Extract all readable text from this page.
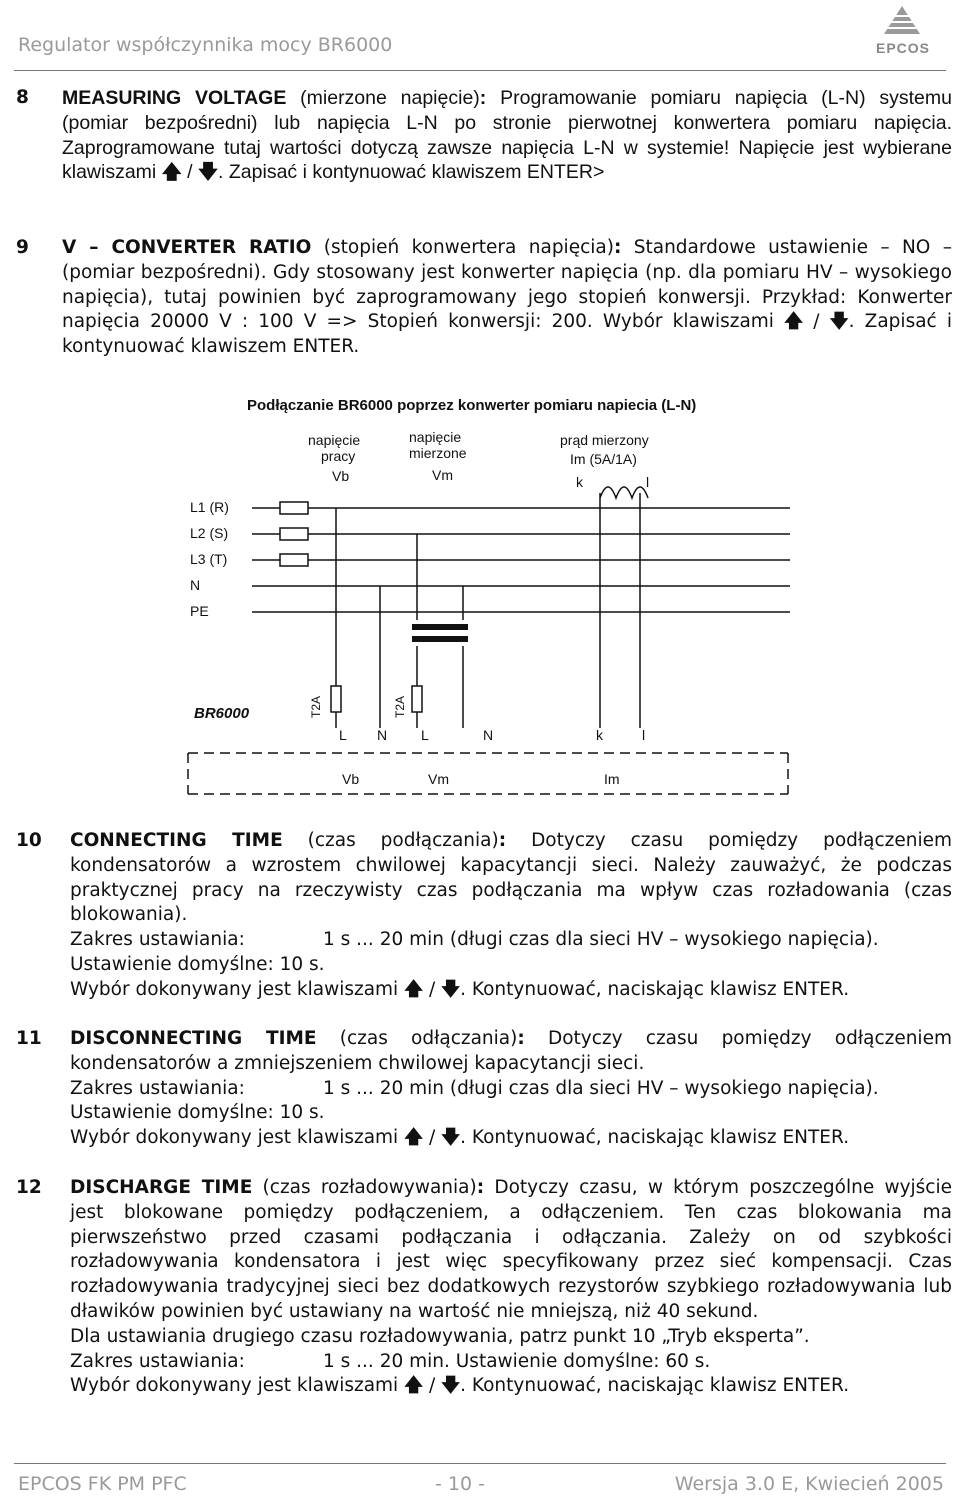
Regulator współczynnika mocy BR6000	EPCOS
8 MEASURING VOLTAGE (mierzone napięcie): Programowanie pomiaru napięcia (L-N) systemu (pomiar bezpośredni) lub napięcia L-N po stronie pierwotnej konwertera pomiaru napięcia. Zaprogramowane tutaj wartości dotyczą zawsze napięcia L-N w systemie! Napięcie jest wybierane klawiszami 🡅 / 🡇. Zapisać i kontynuować klawiszem ENTER>
9 V – CONVERTER RATIO (stopień konwertera napięcia): Standardowe ustawienie – NO – (pomiar bezpośredni). Gdy stosowany jest konwerter napięcia (np. dla pomiaru HV – wysokiego napięcia), tutaj powinien być zaprogramowany jego stopień konwersji. Przykład: Konwerter napięcia 20000 V : 100 V => Stopień konwersji: 200. Wybór klawiszami 🡅 / 🡇. Zapisać i kontynuować klawiszem ENTER.
Podłączanie BR6000 poprzez konwerter pomiaru napiecia (L-N)
napięcie
pracy
Vb
napięcie
mierzone
Vm
prąd mierzony
Im (5A/1A)
k	l
L1 (R)
L2 (S)
L3 (T)
N
PE
T2A	T2A
BR6000
L N L	N	k	l
Vb	Vm	Im
10 CONNECTING TIME (czas podłączania): Dotyczy czasu pomiędzy podłączeniem kondensatorów a wzrostem chwilowej kapacytancji sieci. Należy zauważyć, że podczas praktycznej pracy na rzeczywisty czas podłączania ma wpływ czas rozładowania (czas blokowania).
Zakres ustawiania:	1 s ... 20 min (długi czas dla sieci HV – wysokiego napięcia).
Ustawienie domyślne: 10 s.
Wybór dokonywany jest klawiszami 🡅 / 🡇. Kontynuować, naciskając klawisz ENTER.
11 DISCONNECTING TIME (czas odłączania): Dotyczy czasu pomiędzy odłączeniem kondensatorów a zmniejszeniem chwilowej kapacytancji sieci.
Zakres ustawiania:	1 s ... 20 min (długi czas dla sieci HV – wysokiego napięcia).
Ustawienie domyślne: 10 s.
Wybór dokonywany jest klawiszami 🡅 / 🡇. Kontynuować, naciskając klawisz ENTER.
12 DISCHARGE TIME (czas rozładowywania): Dotyczy czasu, w którym poszczególne wyjście jest blokowane pomiędzy podłączeniem, a odłączeniem. Ten czas blokowania ma pierwszeństwo przed czasami podłączania i odłączania. Zależy on od szybkości rozładowywania kondensatora i jest więc specyfikowany przez sieć kompensacji. Czas rozładowywania tradycyjnej sieci bez dodatkowych rezystorów szybkiego rozładowywania lub dławików powinien być ustawiany na wartość nie mniejszą, niż 40 sekund.
Dla ustawiania drugiego czasu rozładowywania, patrz punkt 10 „Tryb eksperta”.
Zakres ustawiania:	1 s ... 20 min. Ustawienie domyślne: 60 s.
Wybór dokonywany jest klawiszami 🡅 / 🡇. Kontynuować, naciskając klawisz ENTER.
EPCOS FK PM PFC	- 10 -	Wersja 3.0 E, Kwiecień 2005
